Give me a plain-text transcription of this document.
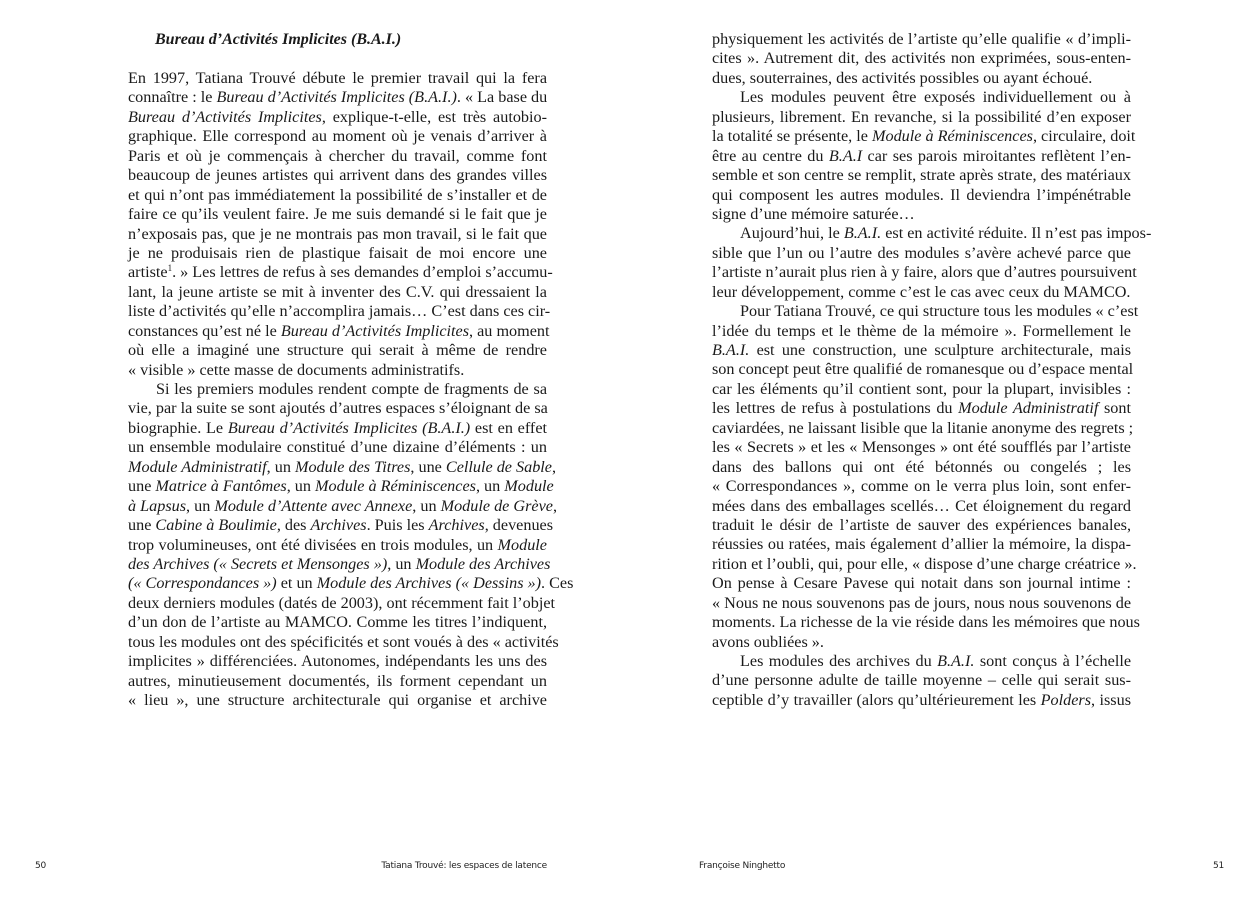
Bureau d’Activités Implicites (B.A.I.)
En 1997, Tatiana Trouvé débute le premier travail qui la fera
connaître : le Bureau d’Activités Implicites (B.A.I.). « La base du
Bureau d’Activités Implicites, explique-t-elle, est très autobio-
graphique. Elle correspond au moment où je venais d’arriver à
Paris et où je commençais à chercher du travail, comme font
beaucoup de jeunes artistes qui arrivent dans des grandes villes
et qui n’ont pas immédiatement la possibilité de s’installer et de
faire ce qu’ils veulent faire. Je me suis demandé si le fait que je
n’exposais pas, que je ne montrais pas mon travail, si le fait que
je ne produisais rien de plastique faisait de moi encore une
artiste$^1$. » Les lettres de refus à ses demandes d’emploi s’accumu-
lant, la jeune artiste se mit à inventer des C.V. qui dressaient la
liste d’activités qu’elle n’accomplira jamais… C’est dans ces cir-
constances qu’est né le Bureau d’Activités Implicites, au moment
où elle a imaginé une structure qui serait à même de rendre
« visible » cette masse de documents administratifs.
Si les premiers modules rendent compte de fragments de sa
vie, par la suite se sont ajoutés d’autres espaces s’éloignant de sa
biographie. Le Bureau d’Activités Implicites (B.A.I.) est en effet
un ensemble modulaire constitué d’une dizaine d’éléments : un
Module Administratif, un Module des Titres, une Cellule de Sable,
une Matrice à Fantômes, un Module à Réminiscences, un Module
à Lapsus, un Module d’Attente avec Annexe, un Module de Grève,
une Cabine à Boulimie, des Archives. Puis les Archives, devenues
trop volumineuses, ont été divisées en trois modules, un Module
des Archives (« Secrets et Mensonges »), un Module des Archives
(« Correspondances ») et un Module des Archives (« Dessins »). Ces
deux derniers modules (datés de 2003), ont récemment fait l’objet
d’un don de l’artiste au MAMCO. Comme les titres l’indiquent,
tous les modules ont des spécificités et sont voués à des « activités
implicites » différenciées. Autonomes, indépendants les uns des
autres, minutieusement documentés, ils forment cependant un
« lieu », une structure architecturale qui organise et archive
50	Tatiana Trouvé: les espaces de latence
physiquement les activités de l’artiste qu’elle qualifie « d’impli-
cites ». Autrement dit, des activités non exprimées, sous-enten-
dues, souterraines, des activités possibles ou ayant échoué.
Les modules peuvent être exposés individuellement ou à
plusieurs, librement. En revanche, si la possibilité d’en exposer
la totalité se présente, le Module à Réminiscences, circulaire, doit
être au centre du B.A.I car ses parois miroitantes reflètent l’en-
semble et son centre se remplit, strate après strate, des matériaux
qui composent les autres modules. Il deviendra l’impénétrable
signe d’une mémoire saturée…
Aujourd’hui, le B.A.I. est en activité réduite. Il n’est pas impos-
sible que l’un ou l’autre des modules s’avère achevé parce que
l’artiste n’aurait plus rien à y faire, alors que d’autres poursuivent
leur développement, comme c’est le cas avec ceux du MAMCO.
Pour Tatiana Trouvé, ce qui structure tous les modules « c’est
l’idée du temps et le thème de la mémoire ». Formellement le
B.A.I. est une construction, une sculpture architecturale, mais
son concept peut être qualifié de romanesque ou d’espace mental
car les éléments qu’il contient sont, pour la plupart, invisibles :
les lettres de refus à postulations du Module Administratif sont
caviardées, ne laissant lisible que la litanie anonyme des regrets ;
les « Secrets » et les « Mensonges » ont été soufflés par l’artiste
dans des ballons qui ont été bétonnés ou congelés ; les
« Correspondances », comme on le verra plus loin, sont enfer-
mées dans des emballages scellés… Cet éloignement du regard
traduit le désir de l’artiste de sauver des expériences banales,
réussies ou ratées, mais également d’allier la mémoire, la dispa-
rition et l’oubli, qui, pour elle, « dispose d’une charge créatrice ».
On pense à Cesare Pavese qui notait dans son journal intime :
« Nous ne nous souvenons pas de jours, nous nous souvenons de
moments. La richesse de la vie réside dans les mémoires que nous
avons oubliées ».
Les modules des archives du B.A.I. sont conçus à l’échelle
d’une personne adulte de taille moyenne – celle qui serait sus-
ceptible d’y travailler (alors qu’ultérieurement les Polders, issus
Françoise Ninghetto	51
